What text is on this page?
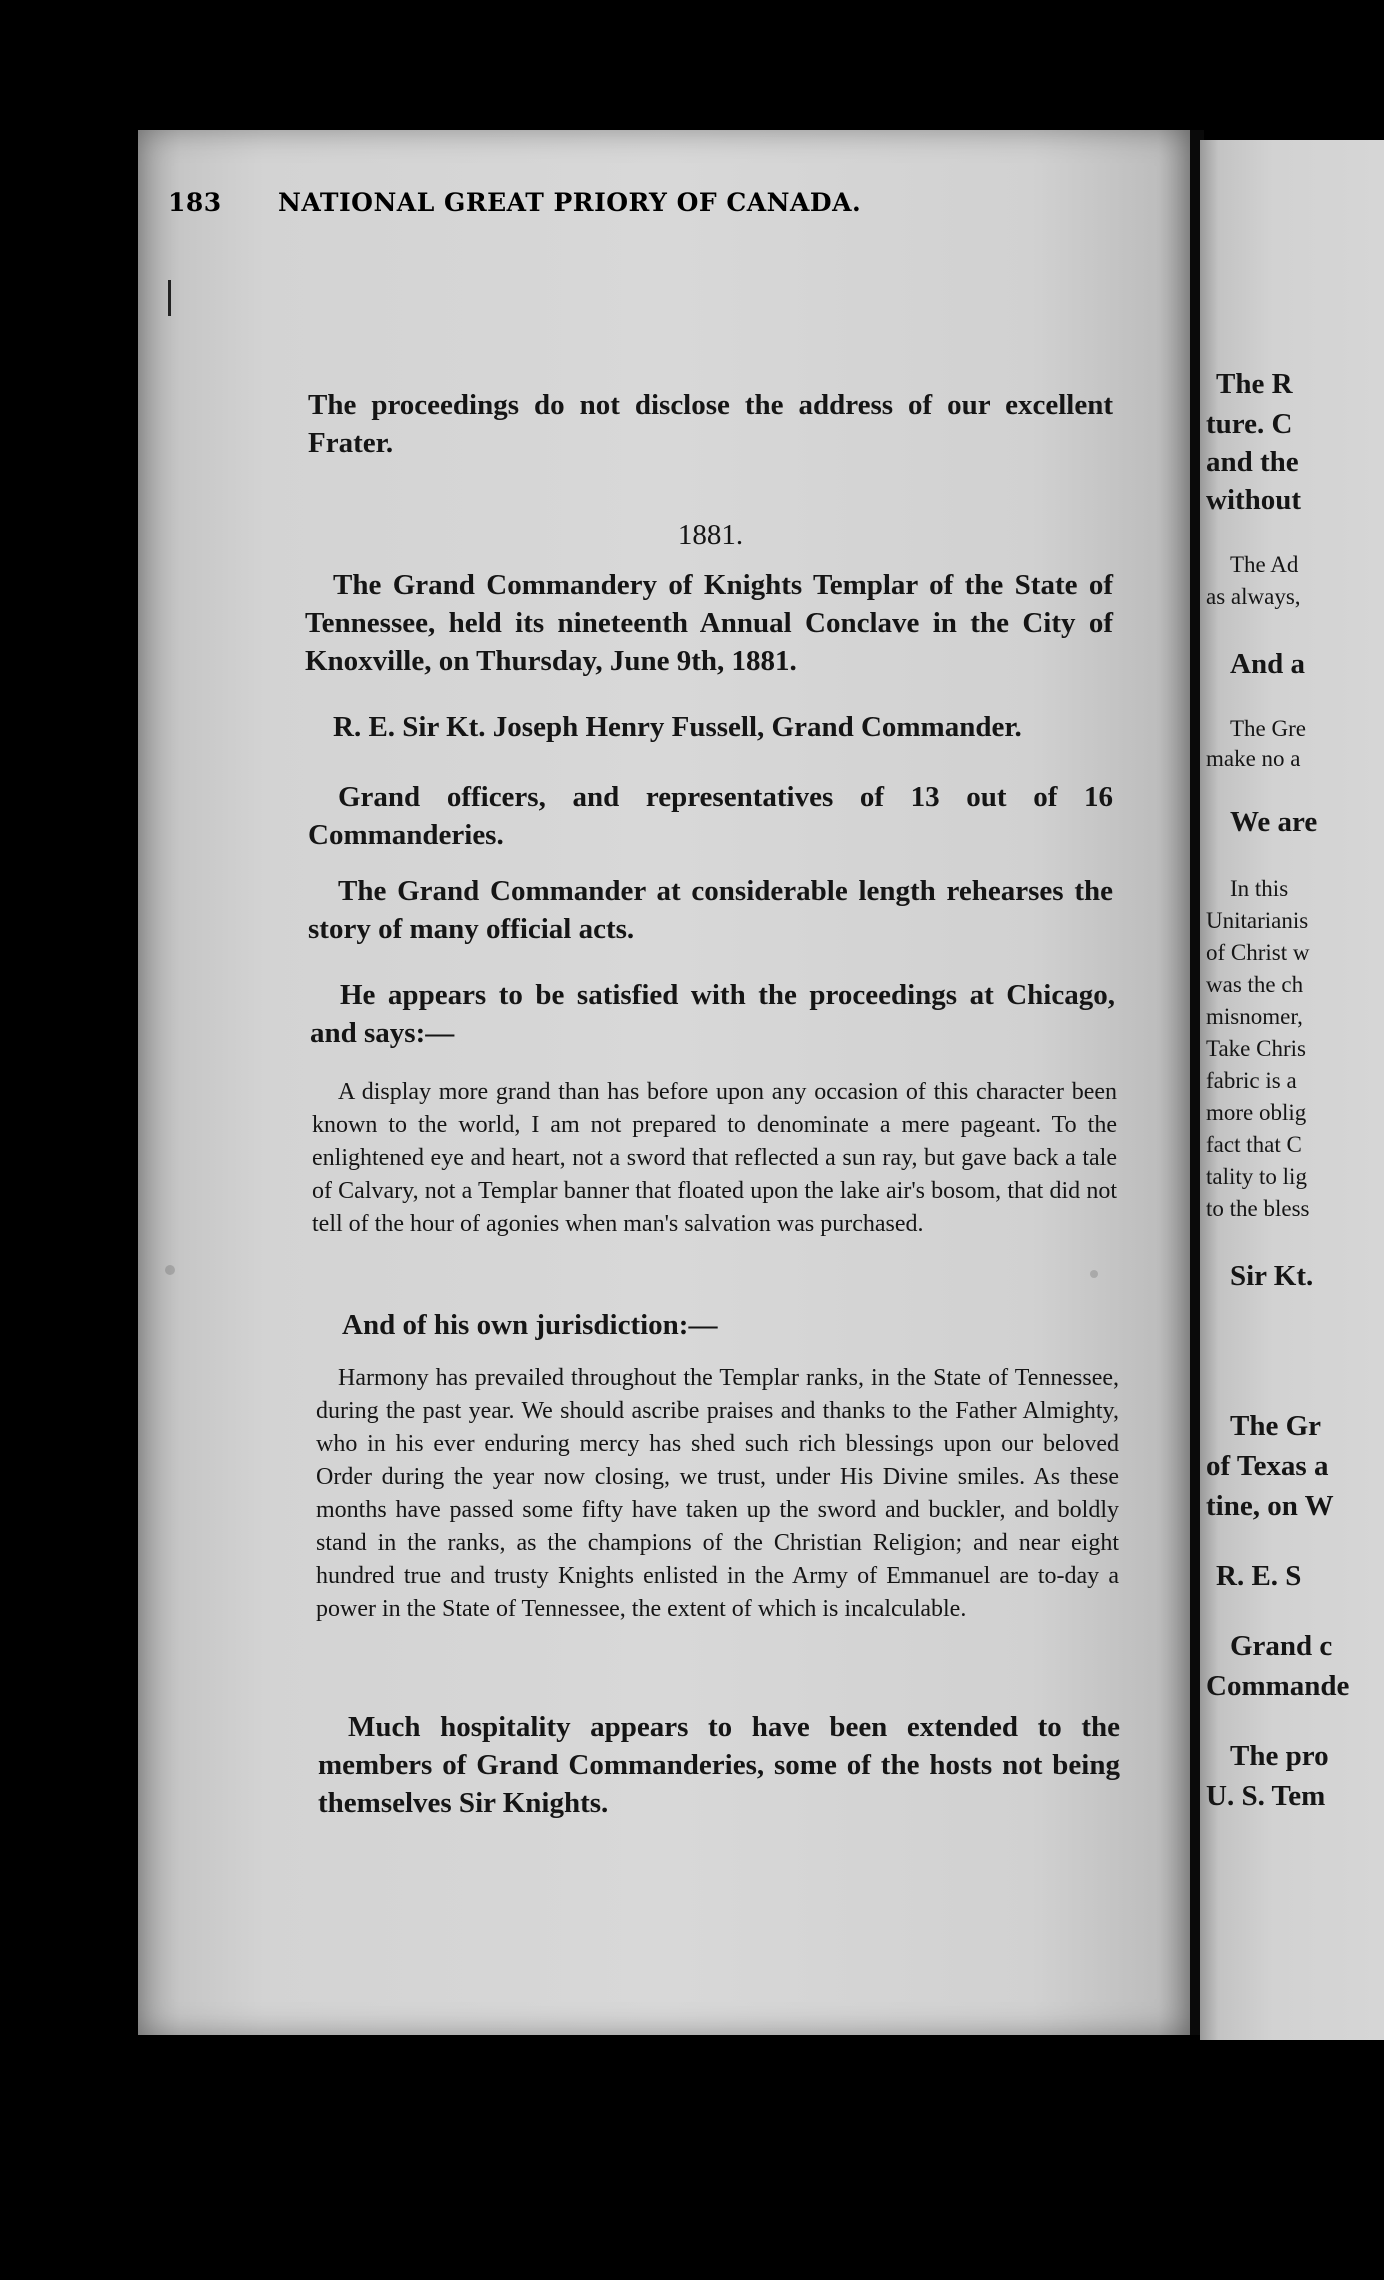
The R
ture. C
and the
without
The Ad
as always,
And a
The Gre
make no a
We are
In this
Unitarianis
of Christ w
was the ch
misnomer,
Take Chris
fabric is a
more oblig
fact that C
tality to lig
to the bless
Sir Kt.
The Gr
of Texas a
tine, on W
R. E. S
Grand c
Commande
The pro
U. S. Tem
183 NATIONAL GREAT PRIORY OF CANADA.
The proceedings do not disclose the address of our excellent Frater.
1881.
The Grand Commandery of Knights Templar of the State of Tennessee, held its nineteenth Annual Conclave in the City of Knoxville, on Thursday, June 9th, 1881.
R. E. Sir Kt. Joseph Henry Fussell, Grand Commander.
Grand officers, and representatives of 13 out of 16 Commanderies.
The Grand Commander at considerable length rehearses the story of many official acts.
He appears to be satisfied with the proceedings at Chicago, and says:—
A display more grand than has before upon any occasion of this character been known to the world, I am not prepared to denominate a mere pageant. To the enlightened eye and heart, not a sword that reflected a sun ray, but gave back a tale of Calvary, not a Templar banner that floated upon the lake air's bosom, that did not tell of the hour of agonies when man's salvation was purchased.
And of his own jurisdiction:—
Harmony has prevailed throughout the Templar ranks, in the State of Tennessee, during the past year. We should ascribe praises and thanks to the Father Almighty, who in his ever enduring mercy has shed such rich blessings upon our beloved Order during the year now closing, we trust, under His Divine smiles. As these months have passed some fifty have taken up the sword and buckler, and boldly stand in the ranks, as the champions of the Christian Religion; and near eight hundred true and trusty Knights enlisted in the Army of Emmanuel are to-day a power in the State of Tennessee, the extent of which is incalculable.
Much hospitality appears to have been extended to the members of Grand Commanderies, some of the hosts not being themselves Sir Knights.
